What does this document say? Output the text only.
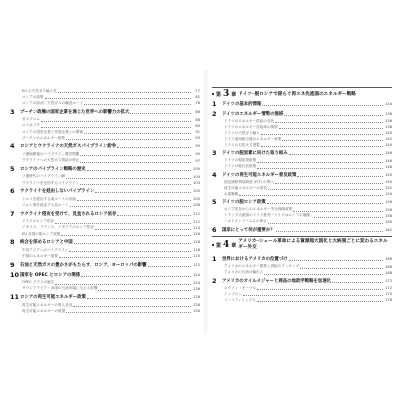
EU の天然ガス輸入先	77
ロシアの政策	81
ロシアの原油・天然ガスの輸送ルート	76
3	プーチン政権の国家企業を通じた世界への影響力の拡大	86
ガスプロム	86
ロスネフチ	89
ロシアの国営企業と外国企業との関係	91
プーチンのエネルギー政策	93
4	ロシアとウクライナの天然ガスパイプライン紛争	95
ソ連崩壊後のパイプライン運営問題	95
ウクライナへの天然ガス供給の停止	97
5	ロシアのパイプライン戦略の歴史	100
ソ連時代のパイプライン網	100
ウクライナを迂回するパイプライン	103
6	ウクライナを経由しないパイプライン	105
トルコを経由する南ルートの計画	105
バルト海を経由する北ルート	108
7	ウクライナ侵攻を受けて、見直されるロシア依存	112
ドイツのロシア依存	112
イギリス、フランス、イタリアのロシア依存	114
EU 各国の脱ロシア政策	116
8	統合を深めるロシアと中国	118
中央アジアへのパイプライン	118
中国のエネルギー需要	120
9	石油と天然ガスの豊かさがもたらす、ロシア、ヨーロッパの影響	122
10 国家を OPEC とロシアの関係	124
OPEC プラスの誕生	124
サウジアラビア・米国の石油市場に与える影響	126
11 ロシアの再生可能エネルギー政策	128
再生可能エネルギーの導入状況	128
再生可能エネルギーの展望	130
第 3 章 ドイツ─脱ロシアで揺らぐ再エネ先進国のエネルギー戦略
1	ドイツの基本的情報	134
2	ドイツのエネルギー情勢の推移	136
ドイツのエネルギー供給の変化	136
ドイツのエネルギー自給率の推移	138
ドイツの天然ガス輸入	140
ドイツ東西統合後のエネルギー政策	142
ドイツの石炭火力発電	144
3	ドイツの脱炭素に向けた取り組み	146
ドイツの脱原発政策	146
ドイツの脱石炭政策	148
4	ドイツの再生可能エネルギー普及政策	150
固定価格買取制度 (FIT) の導入	150
再生可能エネルギーの普及	152
水素戦略	154
5	ドイツの脱ロシア政策	156
ロシア依存からのエネルギー安全保障政策	156
トランプ大統領のドイツ批判「ドイツはロシアの捕虜」	158
ノルドストリーム2 の停止	160
6	国家にとって何が重要か？	162
第 4 章
アメリカ─シェール革命による資源超大国化と大統領ごとに変わるエネルギー外交
1	世界におけるアメリカの位置づけ	166
アメリカのエネルギー需要と供給のランキング	166
アメリカの石油の輸出入	168
2	アメリカのオイルメジャーと商品の地政学戦略を加速化	172
エクソン・モービル	172
シェブロン	174
コノコフィリップス	176
